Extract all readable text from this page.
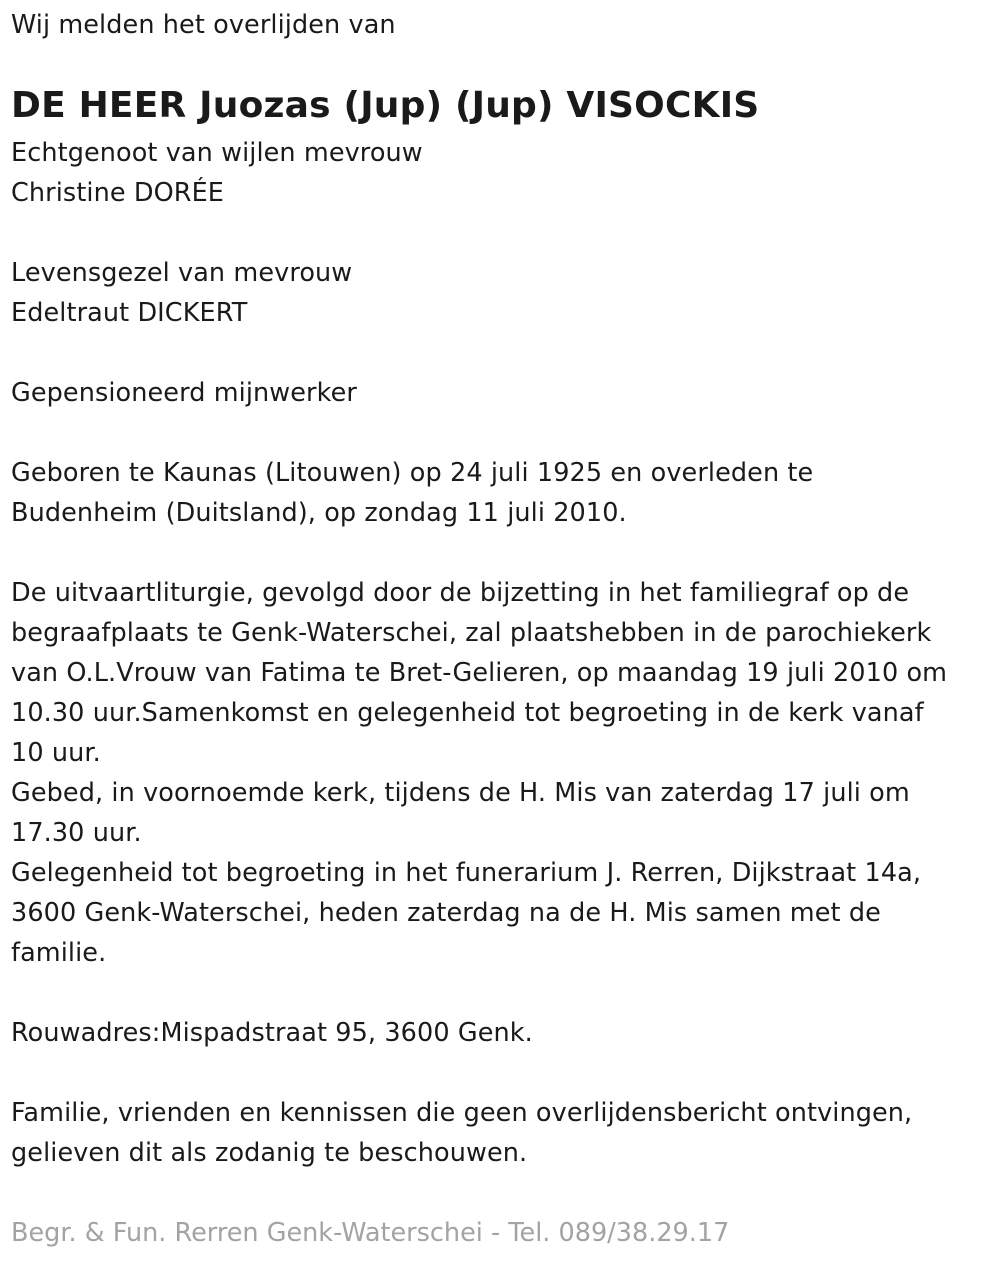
Wij melden het overlijden van
DE HEER Juozas (Jup) (Jup) VISOCKIS
Echtgenoot van wijlen mevrouw
Christine DORÉE
Levensgezel van mevrouw
Edeltraut DICKERT
Gepensioneerd mijnwerker
Geboren te Kaunas (Litouwen) op 24 juli 1925 en overleden te
Budenheim (Duitsland), op zondag 11 juli 2010.
De uitvaartliturgie, gevolgd door de bijzetting in het familiegraf op de
begraafplaats te Genk-Waterschei, zal plaatshebben in de parochiekerk
van O.L.Vrouw van Fatima te Bret-Gelieren, op maandag 19 juli 2010 om
10.30 uur.Samenkomst en gelegenheid tot begroeting in de kerk vanaf
10 uur.
Gebed, in voornoemde kerk, tijdens de H. Mis van zaterdag 17 juli om
17.30 uur.
Gelegenheid tot begroeting in het funerarium J. Rerren, Dijkstraat 14a,
3600 Genk-Waterschei, heden zaterdag na de H. Mis samen met de
familie.
Rouwadres:Mispadstraat 95, 3600 Genk.
Familie, vrienden en kennissen die geen overlijdensbericht ontvingen,
gelieven dit als zodanig te beschouwen.
Begr. & Fun. Rerren Genk-Waterschei - Tel. 089/38.29.17
